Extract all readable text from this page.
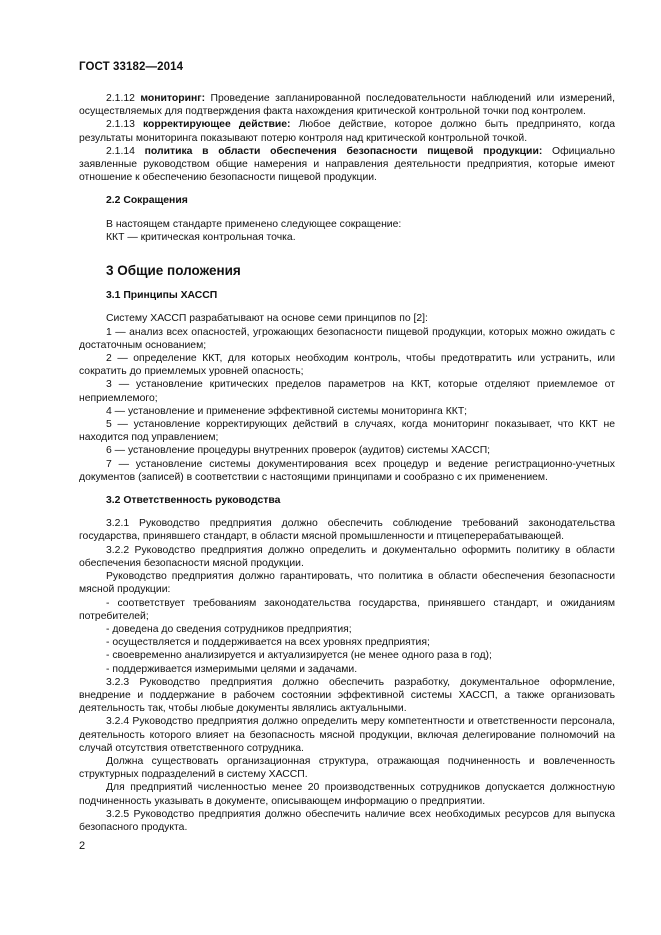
ГОСТ 33182—2014

2.1.12 мониторинг: Проведение запланированной последовательности наблюдений или измерений, осуществляемых для подтверждения факта нахождения критической контрольной точки под контролем.

2.1.13 корректирующее действие: Любое действие, которое должно быть предпринято, когда результаты мониторинга показывают потерю контроля над критической контрольной точкой.

2.1.14 политика в области обеспечения безопасности пищевой продукции: Официально заявленные руководством общие намерения и направления деятельности предприятия, которые имеют отношение к обеспечению безопасности пищевой продукции.

2.2 Сокращения

В настоящем стандарте применено следующее сокращение:

ККТ — критическая контрольная точка.

3 Общие положения

3.1 Принципы ХАССП

Систему ХАССП разрабатывают на основе семи принципов по [2]:

1 — анализ всех опасностей, угрожающих безопасности пищевой продукции, которых можно ожидать с достаточным основанием;

2 — определение ККТ, для которых необходим контроль, чтобы предотвратить или устранить, или сократить до приемлемых уровней опасность;

3 — установление критических пределов параметров на ККТ, которые отделяют приемлемое от неприемлемого;

4 — установление и применение эффективной системы мониторинга ККТ;

5 — установление корректирующих действий в случаях, когда мониторинг показывает, что ККТ не находится под управлением;

6 — установление процедуры внутренних проверок (аудитов) системы ХАССП;

7 — установление системы документирования всех процедур и ведение регистрационно-учетных документов (записей) в соответствии с настоящими принципами и сообразно с их применением.

3.2 Ответственность руководства

3.2.1 Руководство предприятия должно обеспечить соблюдение требований законодательства государства, принявшего стандарт, в области мясной промышленности и птицеперерабатывающей.

3.2.2 Руководство предприятия должно определить и документально оформить политику в области обеспечения безопасности мясной продукции.

Руководство предприятия должно гарантировать, что политика в области обеспечения безопасности мясной продукции:

- соответствует требованиям законодательства государства, принявшего стандарт, и ожиданиям потребителей;

- доведена до сведения сотрудников предприятия;

- осуществляется и поддерживается на всех уровнях предприятия;

- своевременно анализируется и актуализируется (не менее одного раза в год);

- поддерживается измеримыми целями и задачами.

3.2.3 Руководство предприятия должно обеспечить разработку, документальное оформление, внедрение и поддержание в рабочем состоянии эффективной системы ХАССП, а также организовать деятельность так, чтобы любые документы являлись актуальными.

3.2.4 Руководство предприятия должно определить меру компетентности и ответственности персонала, деятельность которого влияет на безопасность мясной продукции, включая делегирование полномочий на случай отсутствия ответственного сотрудника.

Должна существовать организационная структура, отражающая подчиненность и вовлеченность структурных подразделений в систему ХАССП.

Для предприятий численностью менее 20 производственных сотрудников допускается должностную подчиненность указывать в документе, описывающем информацию о предприятии.

3.2.5 Руководство предприятия должно обеспечить наличие всех необходимых ресурсов для выпуска безопасного продукта.

2
